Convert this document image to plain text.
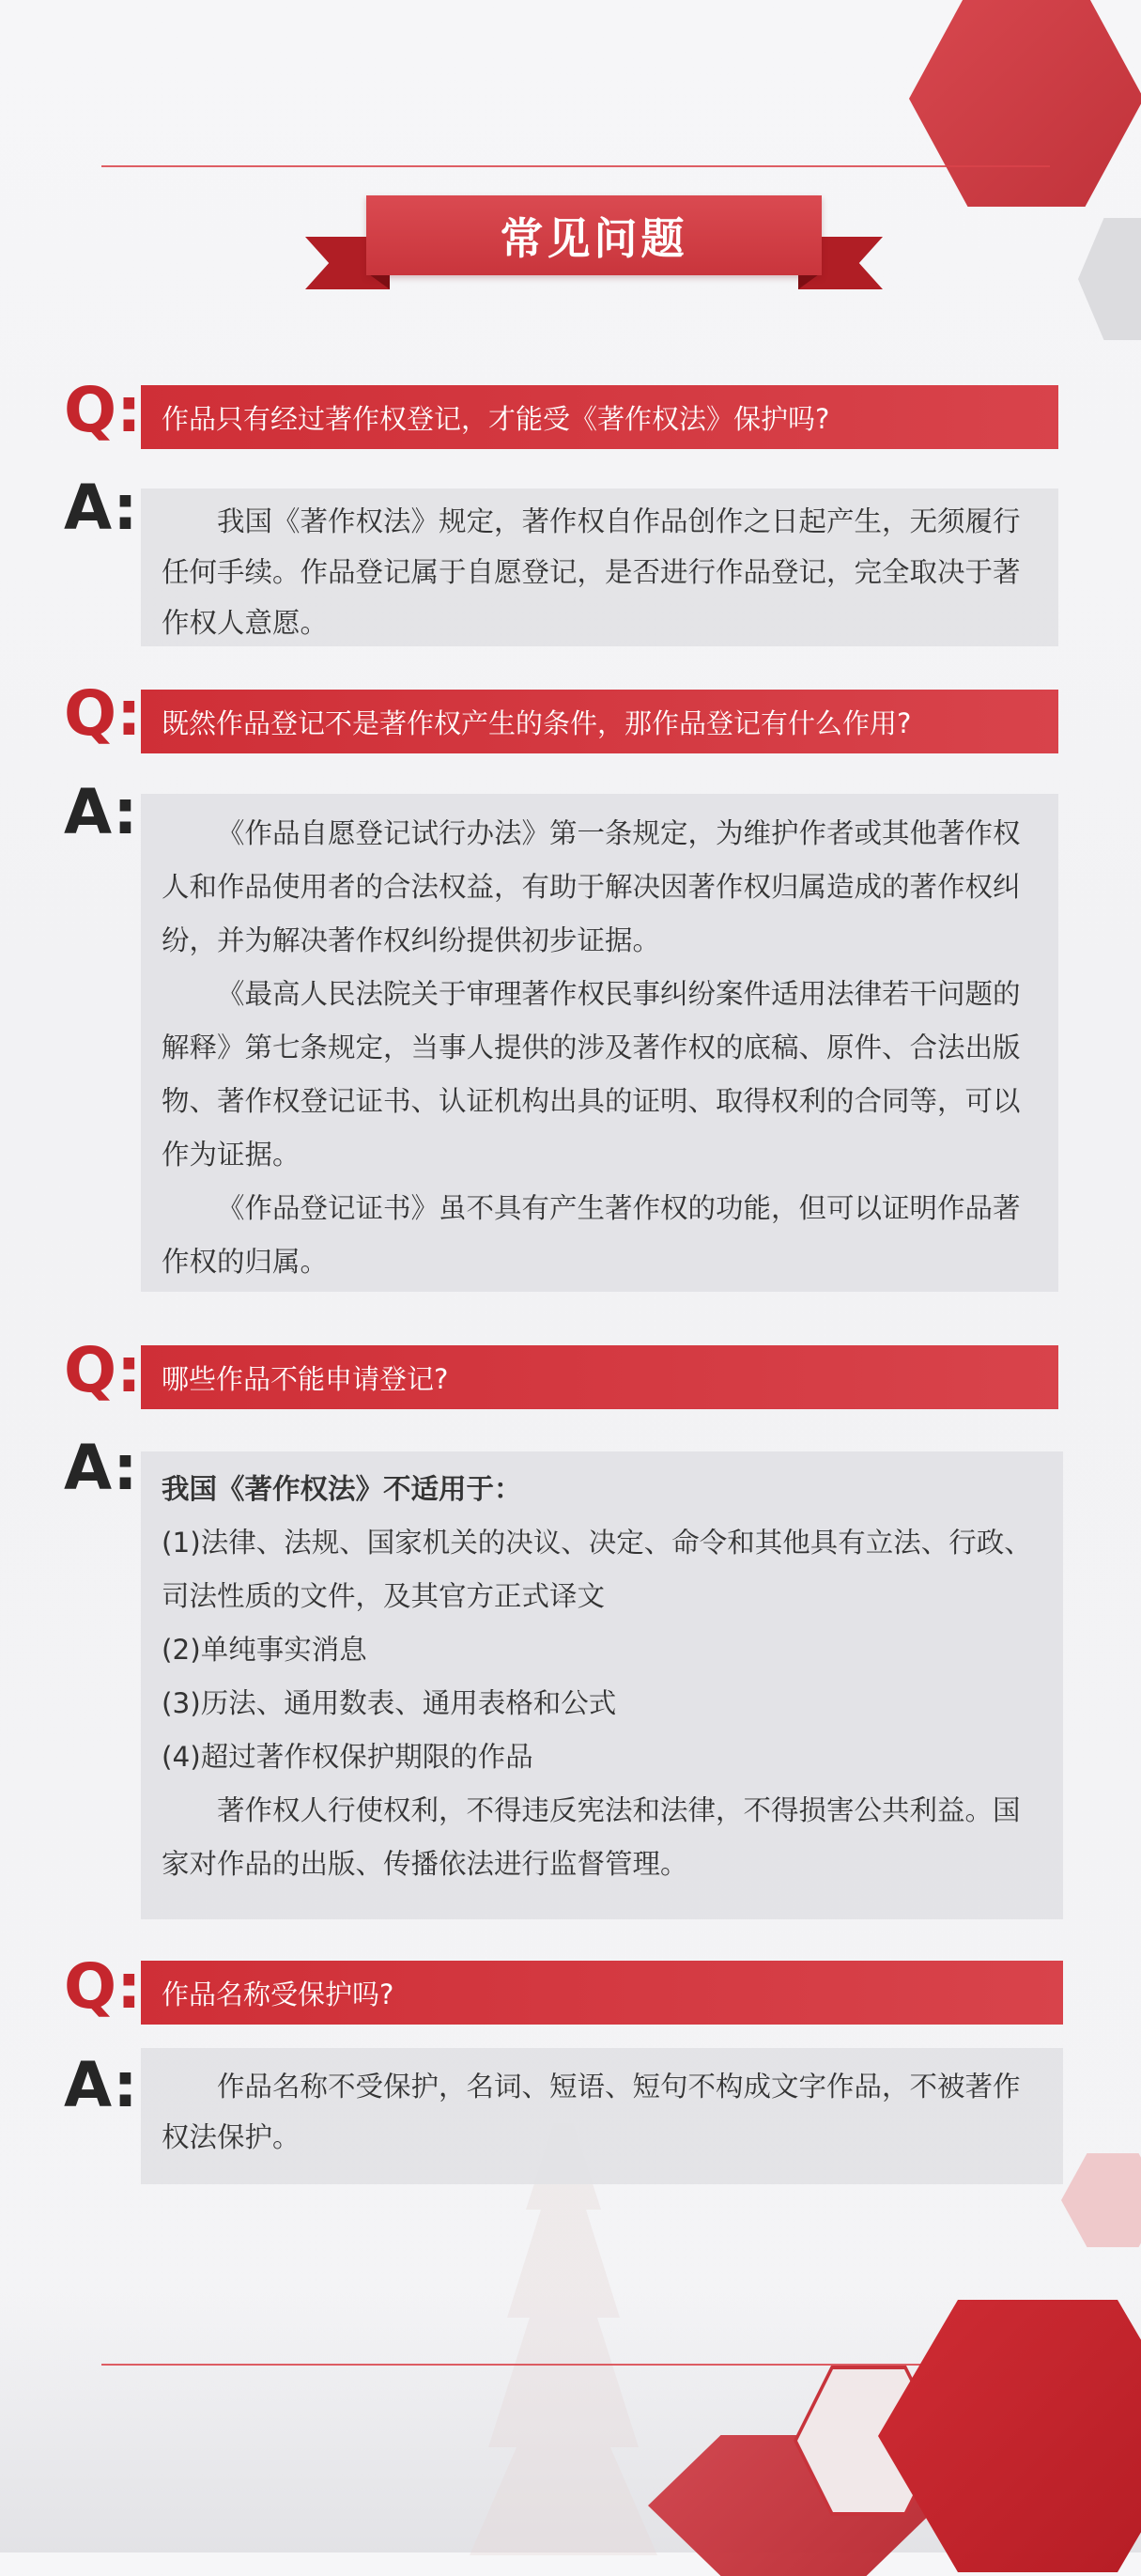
常见问题
Q: 作品只有经过著作权登记，才能受《著作权法》保护吗?
A:	我国《著作权法》规定，著作权自作品创作之日起产生，无须履行任何手续。作品登记属于自愿登记，是否进行作品登记，完全取决于著作权人意愿。

Q: 既然作品登记不是著作权产生的条件，那作品登记有什么作用?
A:	《作品自愿登记试行办法》第一条规定，为维护作者或其他著作权人和作品使用者的合法权益，有助于解决因著作权归属造成的著作权纠纷，并为解决著作权纠纷提供初步证据。

《最高人民法院关于审理著作权民事纠纷案件适用法律若干问题的解释》第七条规定，当事人提供的涉及著作权的底稿、原件、合法出版物、著作权登记证书、认证机构出具的证明、取得权利的合同等，可以作为证据。

《作品登记证书》虽不具有产生著作权的功能，但可以证明作品著作权的归属。

Q: 哪些作品不能申请登记?
A: 我国《著作权法》不适用于：

(1)法律、法规、国家机关的决议、决定、命令和其他具有立法、行政、司法性质的文件，及其官方正式译文

(2)单纯事实消息

(3)历法、通用数表、通用表格和公式

(4)超过著作权保护期限的作品

著作权人行使权利，不得违反宪法和法律，不得损害公共利益。国家对作品的出版、传播依法进行监督管理。

Q: 作品名称受保护吗?
A:	作品名称不受保护，名词、短语、短句不构成文字作品，不被著作权法保护。
